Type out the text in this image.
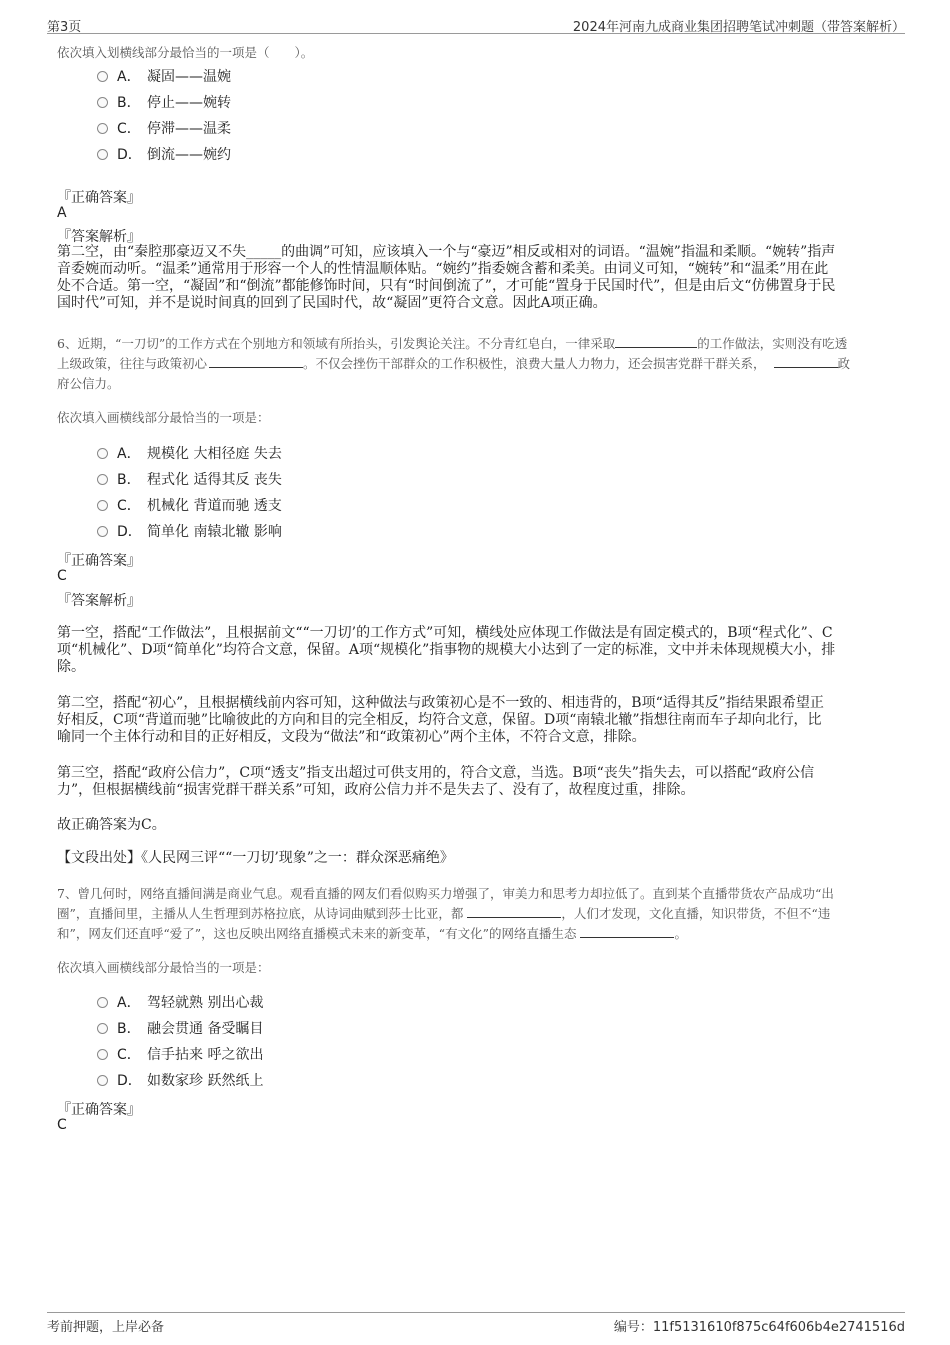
第3页	2024年河南九成商业集团招聘笔试冲刺题（带答案解析）
依次填入划横线部分最恰当的一项是（　　）。
A． 凝固——温婉
B． 停止——婉转
C． 停滞——温柔
D． 倒流——婉约
『正确答案』
A
『答案解析』
第二空，由“秦腔那豪迈又不失_____的曲调”可知，应该填入一个与“豪迈”相反或相对的词语。“温婉”指温和柔顺。“婉转”指声
音委婉而动听。“温柔”通常用于形容一个人的性情温顺体贴。“婉约”指委婉含蓄和柔美。由词义可知，“婉转”和“温柔”用在此
处不合适。第一空，“凝固”和“倒流”都能修饰时间，只有“时间倒流了”，才可能“置身于民国时代”，但是由后文“仿佛置身于民
国时代”可知，并不是说时间真的回到了民国时代，故“凝固”更符合文意。因此A项正确。
6、近期，“一刀切”的工作方式在个别地方和领域有所抬头，引发舆论关注。不分青红皂白，一律采取	的工作做法，实则没有吃透
上级政策，往往与政策初心	。不仅会挫伤干部群众的工作积极性，浪费大量人力物力，还会损害党群干群关系，	政
府公信力。
依次填入画横线部分最恰当的一项是：
A． 规模化 大相径庭 失去
B． 程式化 适得其反 丧失
C． 机械化 背道而驰 透支
D． 简单化 南辕北辙 影响
『正确答案』
C
『答案解析』
第一空，搭配“工作做法”，且根据前文““一刀切’的工作方式”可知，横线处应体现工作做法是有固定模式的，B项“程式化”、C
项“机械化”、D项“简单化”均符合文意，保留。A项“规模化”指事物的规模大小达到了一定的标准，文中并未体现规模大小，排
除。
第二空，搭配“初心”，且根据横线前内容可知，这种做法与政策初心是不一致的、相违背的，B项“适得其反”指结果跟希望正
好相反，C项“背道而驰”比喻彼此的方向和目的完全相反，均符合文意，保留。D项“南辕北辙”指想往南而车子却向北行，比
喻同一个主体行动和目的正好相反，文段为“做法”和“政策初心”两个主体，不符合文意，排除。
第三空，搭配“政府公信力”，C项“透支”指支出超过可供支用的，符合文意，当选。B项“丧失”指失去，可以搭配“政府公信
力”，但根据横线前“损害党群干群关系”可知，政府公信力并不是失去了、没有了，故程度过重，排除。
故正确答案为C。
【文段出处】《人民网三评““一刀切’现象”之一：群众深恶痛绝》
7、曾几何时，网络直播间满是商业气息。观看直播的网友们看似购买力增强了，审美力和思考力却拉低了。直到某个直播带货农产品成功“出
圈”，直播间里，主播从人生哲理到苏格拉底，从诗词曲赋到莎士比亚，都	，人们才发现，文化直播，知识带货，不但不“违
和”，网友们还直呼“爱了”，这也反映出网络直播模式未来的新变革，“有文化”的网络直播生态	。
依次填入画横线部分最恰当的一项是：
A． 驾轻就熟 别出心裁
B． 融会贯通 备受瞩目
C． 信手拈来 呼之欲出
D． 如数家珍 跃然纸上
『正确答案』
C
考前押题，上岸必备	编号：11f5131610f875c64f606b4e2741516d
